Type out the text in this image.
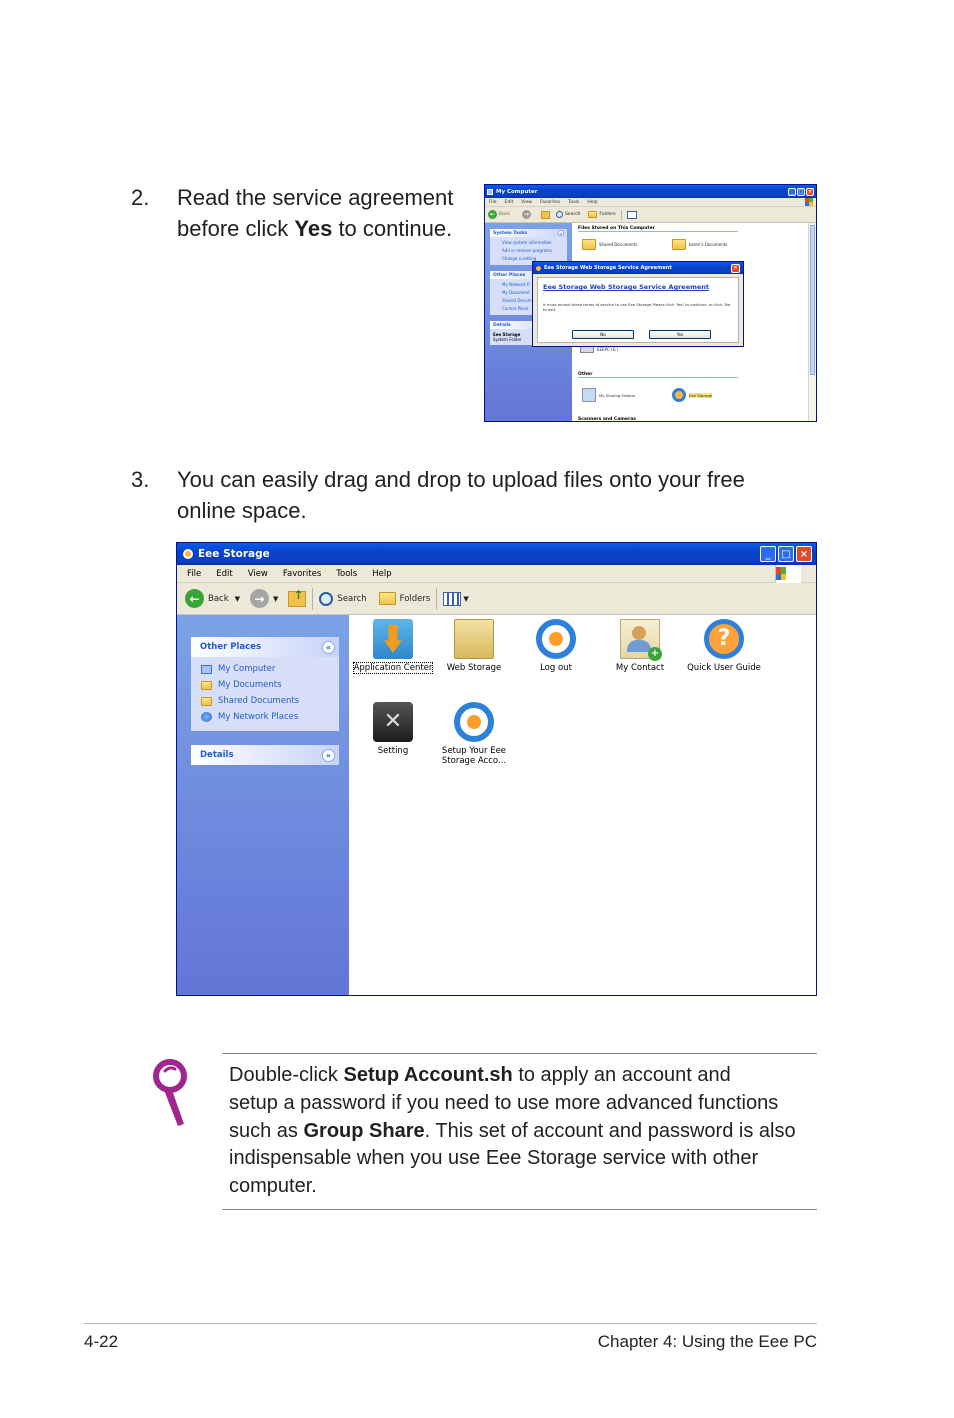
2. Read the service agreement
before click Yes to continue.
My Computer	_	□ ×
File Edit View Favorites Tools Help
← Back	→	Search	Folders
System Tasks	«
View system information
Add or remove programs
Change a setting
Other Places
My Network P
My Document
Shared Docum
Control Panel
Details
Eee Storage
System Folder
Files Stored on This Computer
Shared Documents	karen's Documents
EEEPC (E:)
Other
My Sharing Folders	Eee Storage
Scanners and Cameras
Eee Storage Web Storage Service Agreement	×
Eee Storage Web Storage Service Agreement
It must accept these terms of service to use Eee Storage.Please click 'Yes' to continue, or click 'No' to exit.
No	Yes
3. You can easily drag and drop to upload files onto your free
online space.
Eee Storage	_	□ ×
File Edit View Favorites Tools Help
← Back ▼	→	▼ ↑	Search	Folders	▼
Other Places	«
My Computer
My Documents
Shared Documents
My Network Places
Details	»
Application Center	Web Storage	Log out
+
My Contact
?
Quick User Guide
✕
Setting	Setup Your Eee
Storage Acco...
Double-click Setup Account.sh to apply an account and
setup a password if you need to use more advanced functions
such as Group Share. This set of account and password is also
indispensable when you use Eee Storage service with other
computer.
4-22	Chapter 4: Using the Eee PC
